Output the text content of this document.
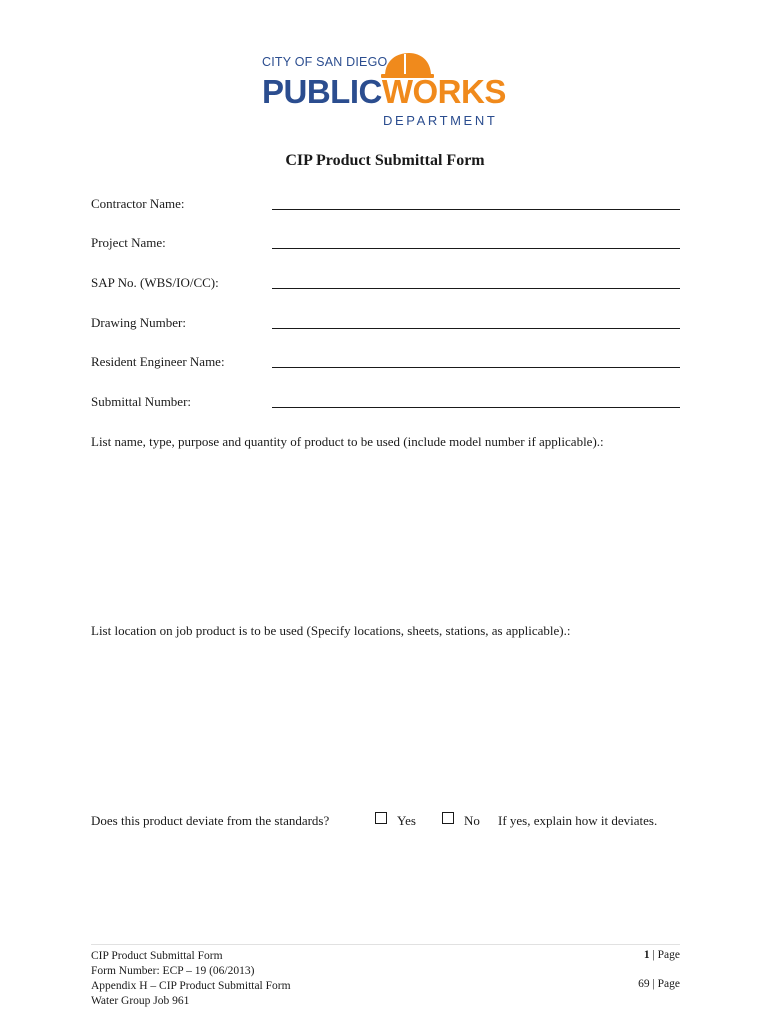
CITY OF SAN DIEGO
PUBLICWORKS
DEPARTMENT
CIP Product Submittal Form
Contractor Name:
Project Name:
SAP No. (WBS/IO/CC):
Drawing Number:
Resident Engineer Name:
Submittal Number:
List name, type, purpose and quantity of product to be used (include model number if applicable).:
List location on job product is to be used (Specify locations, sheets, stations, as applicable).:
Does this product deviate from the standards?	Yes	No If yes, explain how it deviates.
CIP Product Submittal Form
Form Number: ECP – 19 (06/2013)
Appendix H – CIP Product Submittal Form
Water Group Job 961
1 | Page
69 | Page
